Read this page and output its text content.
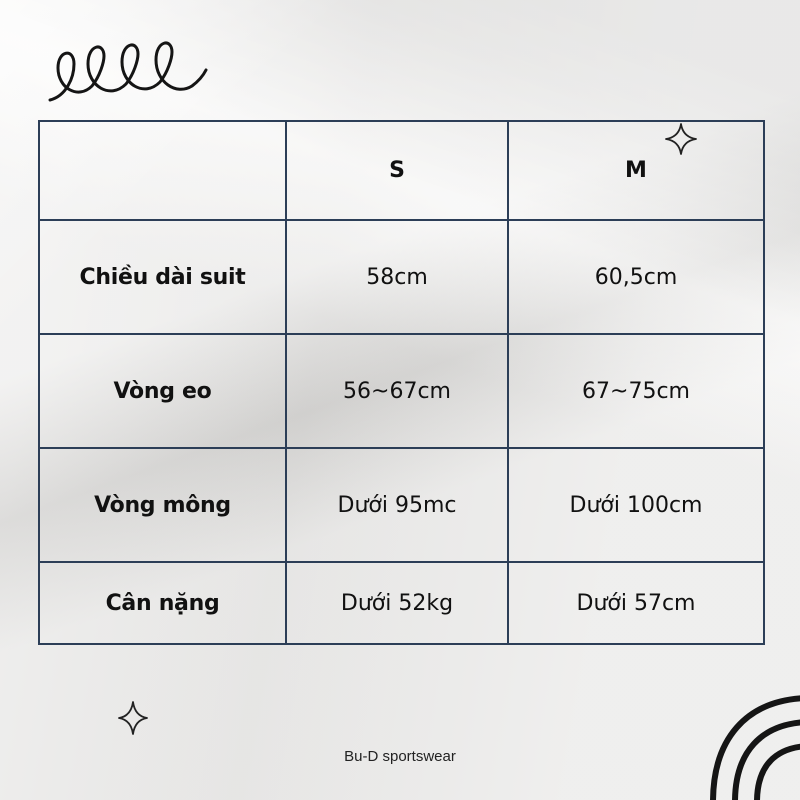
	S	M
Chiều dài suit	58cm	60,5cm
Vòng eo	56~67cm	67~75cm
Vòng mông	Dưới 95mc	Dưới 100cm
Cân nặng	Dưới 52kg	Dưới 57cm
Bu-D sportswear
